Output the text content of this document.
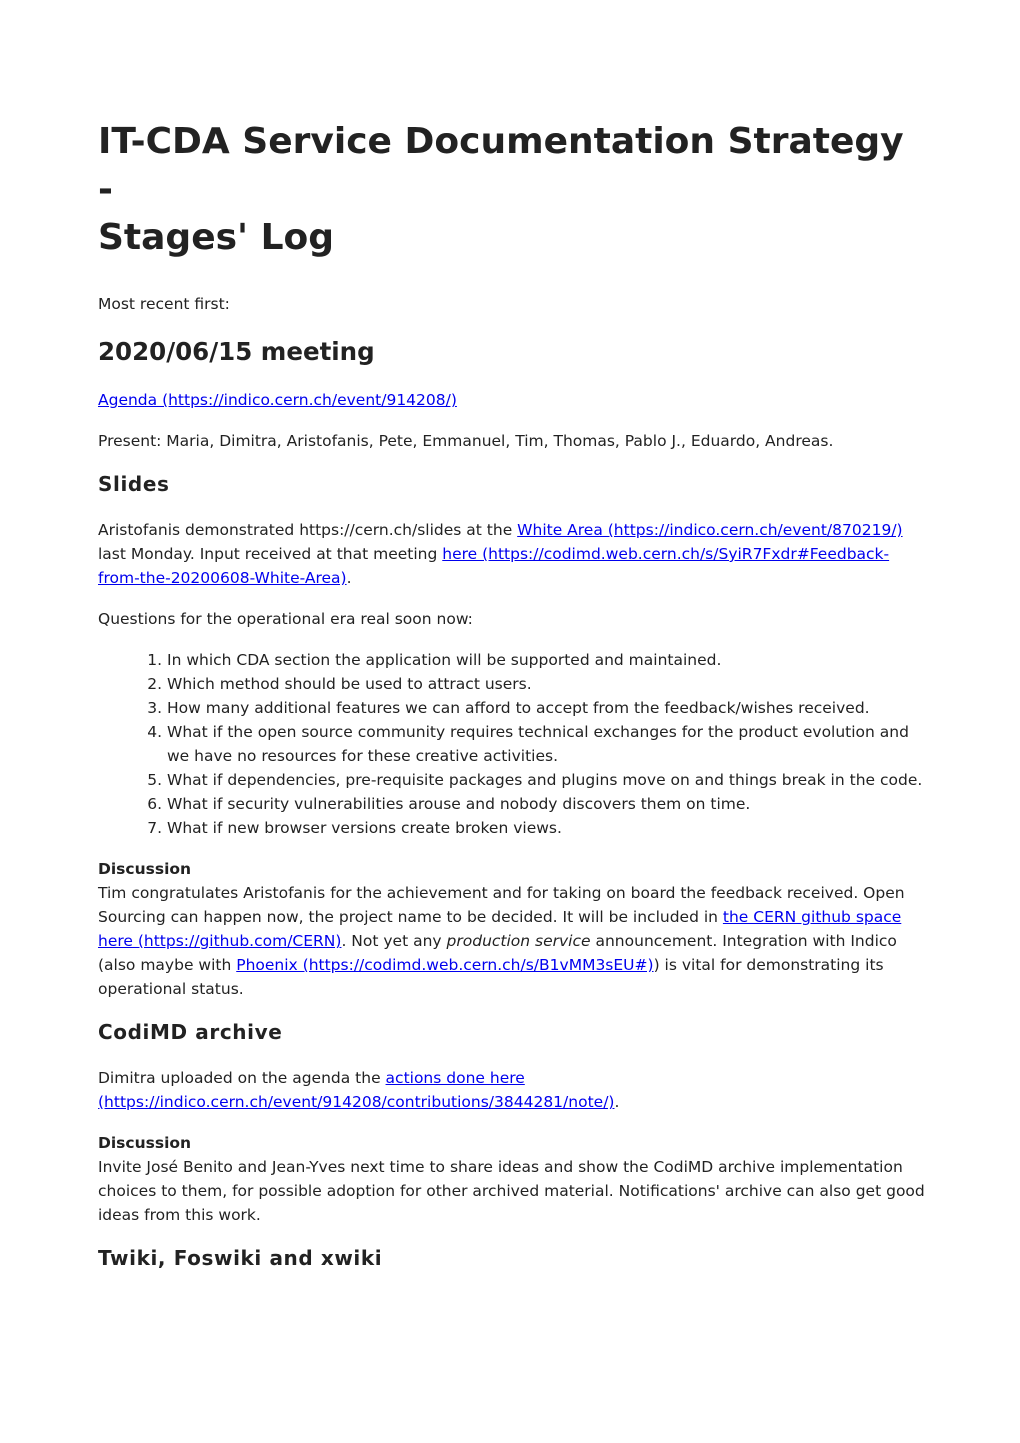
IT-CDA Service Documentation Strategy -
Stages' Log

Most recent first:

2020/06/15 meeting

Agenda (https://indico.cern.ch/event/914208/)

Present: Maria, Dimitra, Aristofanis, Pete, Emmanuel, Tim, Thomas, Pablo J., Eduardo, Andreas.

Slides

Aristofanis demonstrated https://cern.ch/slides at the White Area (https://indico.cern.ch/event/870219/) last Monday. Input received at that meeting here (https://codimd.web.cern.ch/s/SyiR7Fxdr#Feedback-from-the-20200608-White-Area).

Questions for the operational era real soon now:

1. In which CDA section the application will be supported and maintained.
2. Which method should be used to attract users.
3. How many additional features we can afford to accept from the feedback/wishes received.
4. What if the open source community requires technical exchanges for the product evolution and we have no resources for these creative activities.
5. What if dependencies, pre-requisite packages and plugins move on and things break in the code.
6. What if security vulnerabilities arouse and nobody discovers them on time.
7. What if new browser versions create broken views.

Discussion
Tim congratulates Aristofanis for the achievement and for taking on board the feedback received. Open Sourcing can happen now, the project name to be decided. It will be included in the CERN github space here (https://github.com/CERN). Not yet any production service announcement. Integration with Indico (also maybe with Phoenix (https://codimd.web.cern.ch/s/B1vMM3sEU#)) is vital for demonstrating its operational status.

CodiMD archive

Dimitra uploaded on the agenda the actions done here (https://indico.cern.ch/event/914208/contributions/3844281/note/).

Discussion
Invite José Benito and Jean-Yves next time to share ideas and show the CodiMD archive implementation choices to them, for possible adoption for other archived material. Notifications' archive can also get good ideas from this work.

Twiki, Foswiki and xwiki
